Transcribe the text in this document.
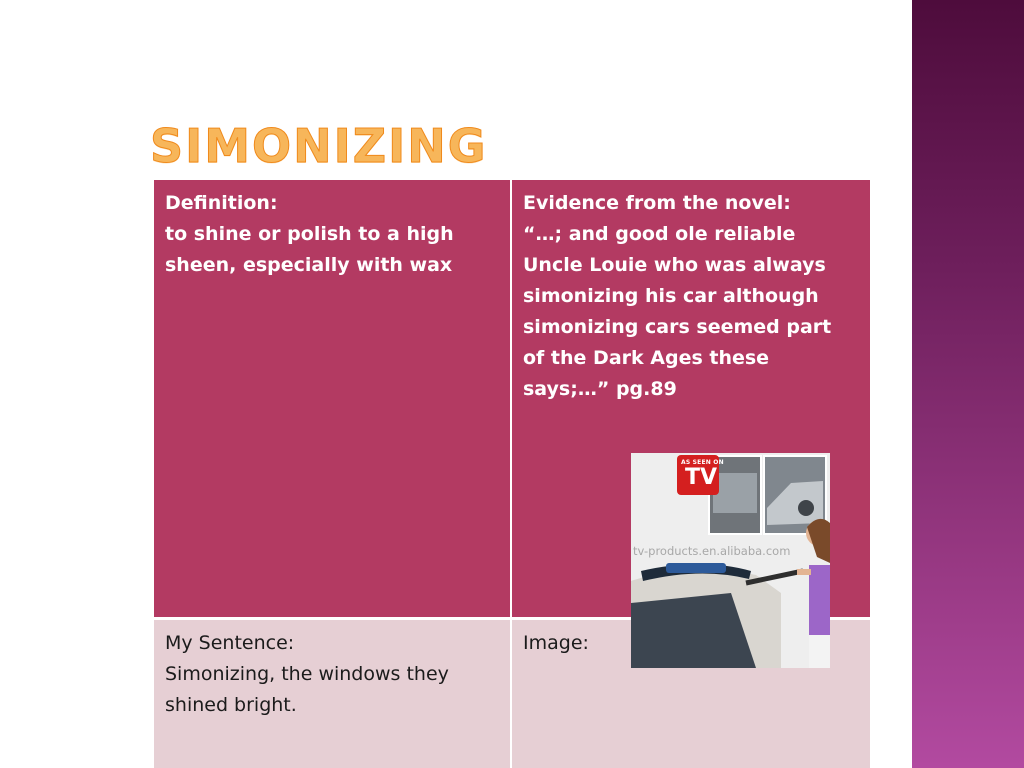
SIMONIZING
Definition:
to shine or polish to a high sheen, especially with wax
Evidence from the novel:
“…; and good ole reliable Uncle Louie who was always simonizing his car although simonizing cars seemed part of the Dark Ages these says;…” pg.89
My Sentence:
Simonizing, the windows they shined bright.
Image:
AS SEEN ON
TV
tv-products.en.alibaba.com
